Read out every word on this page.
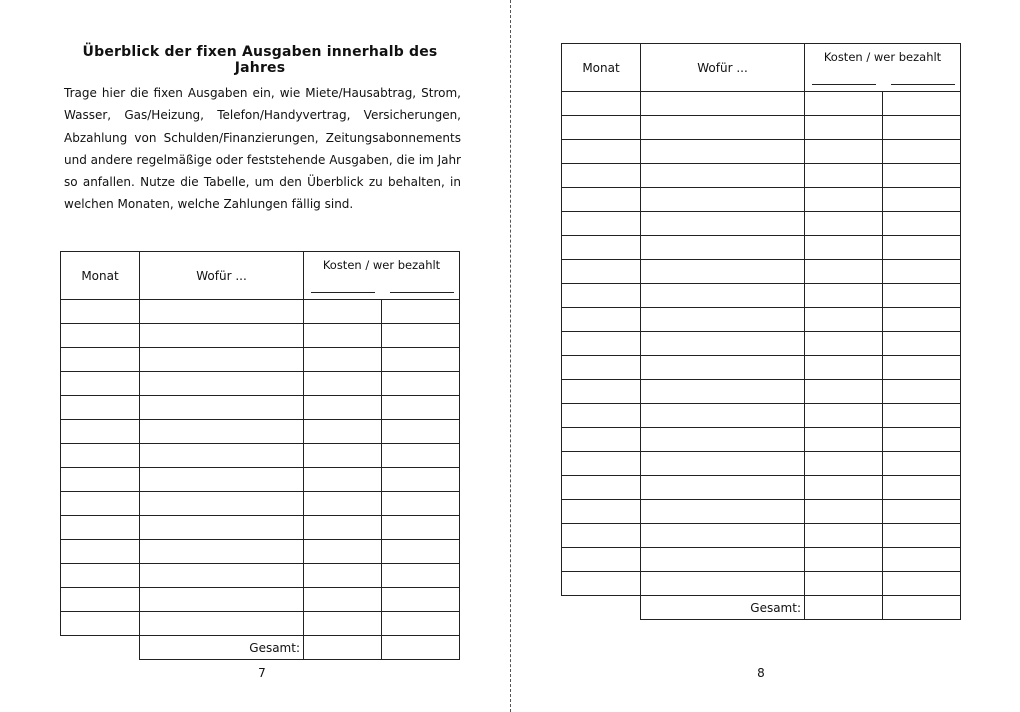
Überblick der fixen Ausgaben innerhalb des Jahres
Trage hier die fixen Ausgaben ein, wie Miete/Hausabtrag, Strom, Wasser, Gas/Heizung, Telefon/Handyvertrag, Versicherungen, Abzahlung von Schulden/Finanzierungen, Zeitungsabonnements und andere regelmäßige oder feststehende Ausgaben, die im Jahr so anfallen. Nutze die Tabelle, um den Überblick zu behalten, in welchen Monaten, welche Zahlungen fällig sind.
Monat	Wofür ...	Kosten / wer bezahlt	

	Gesamt:		
7
Monat	Wofür ...	Kosten / wer bezahlt	

	Gesamt:		
8
